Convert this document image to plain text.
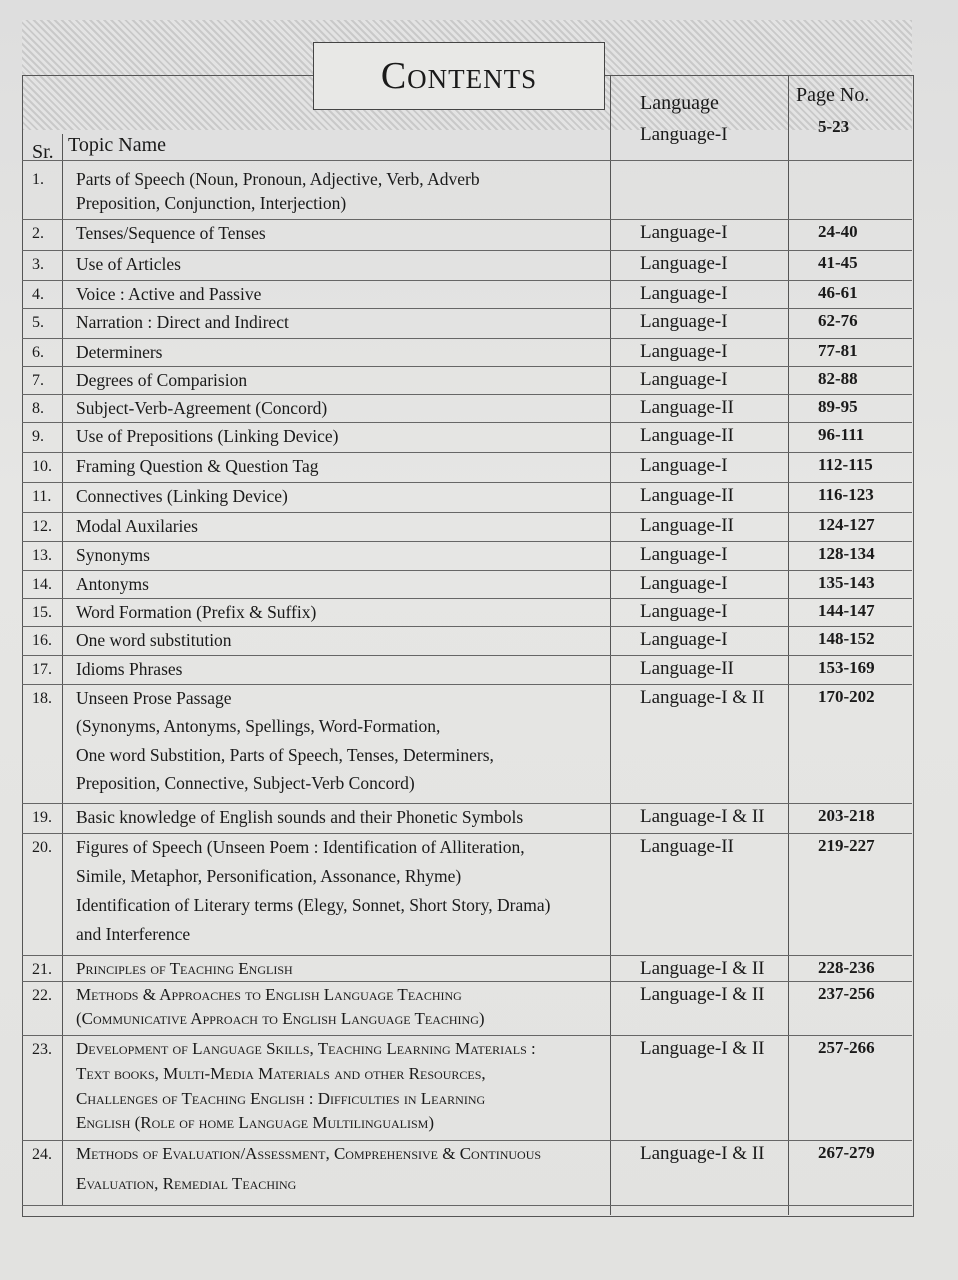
Contents
Sr. Topic Name
Language	Page No.
1. Parts of Speech (Noun, Pronoun, Adjective, Verb, Adverb
Preposition, Conjunction, Interjection)
Language-I	5-23
2. Tenses/Sequence of Tenses	Language-I	24-40
3. Use of Articles	Language-I	41-45
4. Voice : Active and Passive	Language-I	46-61
5. Narration : Direct and Indirect	Language-I	62-76
6. Determiners	Language-I	77-81
7. Degrees of Comparision	Language-I	82-88
8. Subject-Verb-Agreement (Concord)	Language-II	89-95
9. Use of Prepositions (Linking Device)	Language-II	96-111
10. Framing Question & Question Tag	Language-I	112-115
11. Connectives (Linking Device)	Language-II	116-123
12. Modal Auxilaries	Language-II	124-127
13. Synonyms	Language-I	128-134
14. Antonyms	Language-I	135-143
15. Word Formation (Prefix & Suffix)	Language-I	144-147
16. One word substitution	Language-I	148-152
17. Idioms Phrases	Language-II	153-169
18. Unseen Prose Passage
(Synonyms, Antonyms, Spellings, Word-Formation,
One word Substition, Parts of Speech, Tenses, Determiners,
Preposition, Connective, Subject-Verb Concord)
Language-I & II	170-202
19. Basic knowledge of English sounds and their Phonetic Symbols	Language-I & II	203-218
20. Figures of Speech (Unseen Poem : Identification of Alliteration,
Simile, Metaphor, Personification, Assonance, Rhyme)
Identification of Literary terms (Elegy, Sonnet, Short Story, Drama)
and Interference
Language-II	219-227
21. Principles of Teaching English	Language-I & II	228-236
22. Methods & Approaches to English Language Teaching
(Communicative Approach to English Language Teaching)
Language-I & II	237-256
23. Development of Language Skills, Teaching Learning Materials :
Text books, Multi-Media Materials and other Resources,
Challenges of Teaching English : Difficulties in Learning
English (Role of home Language Multilingualism)
Language-I & II	257-266
24. Methods of Evaluation/Assessment, Comprehensive & Continuous
Evaluation, Remedial Teaching
Language-I & II	267-279
